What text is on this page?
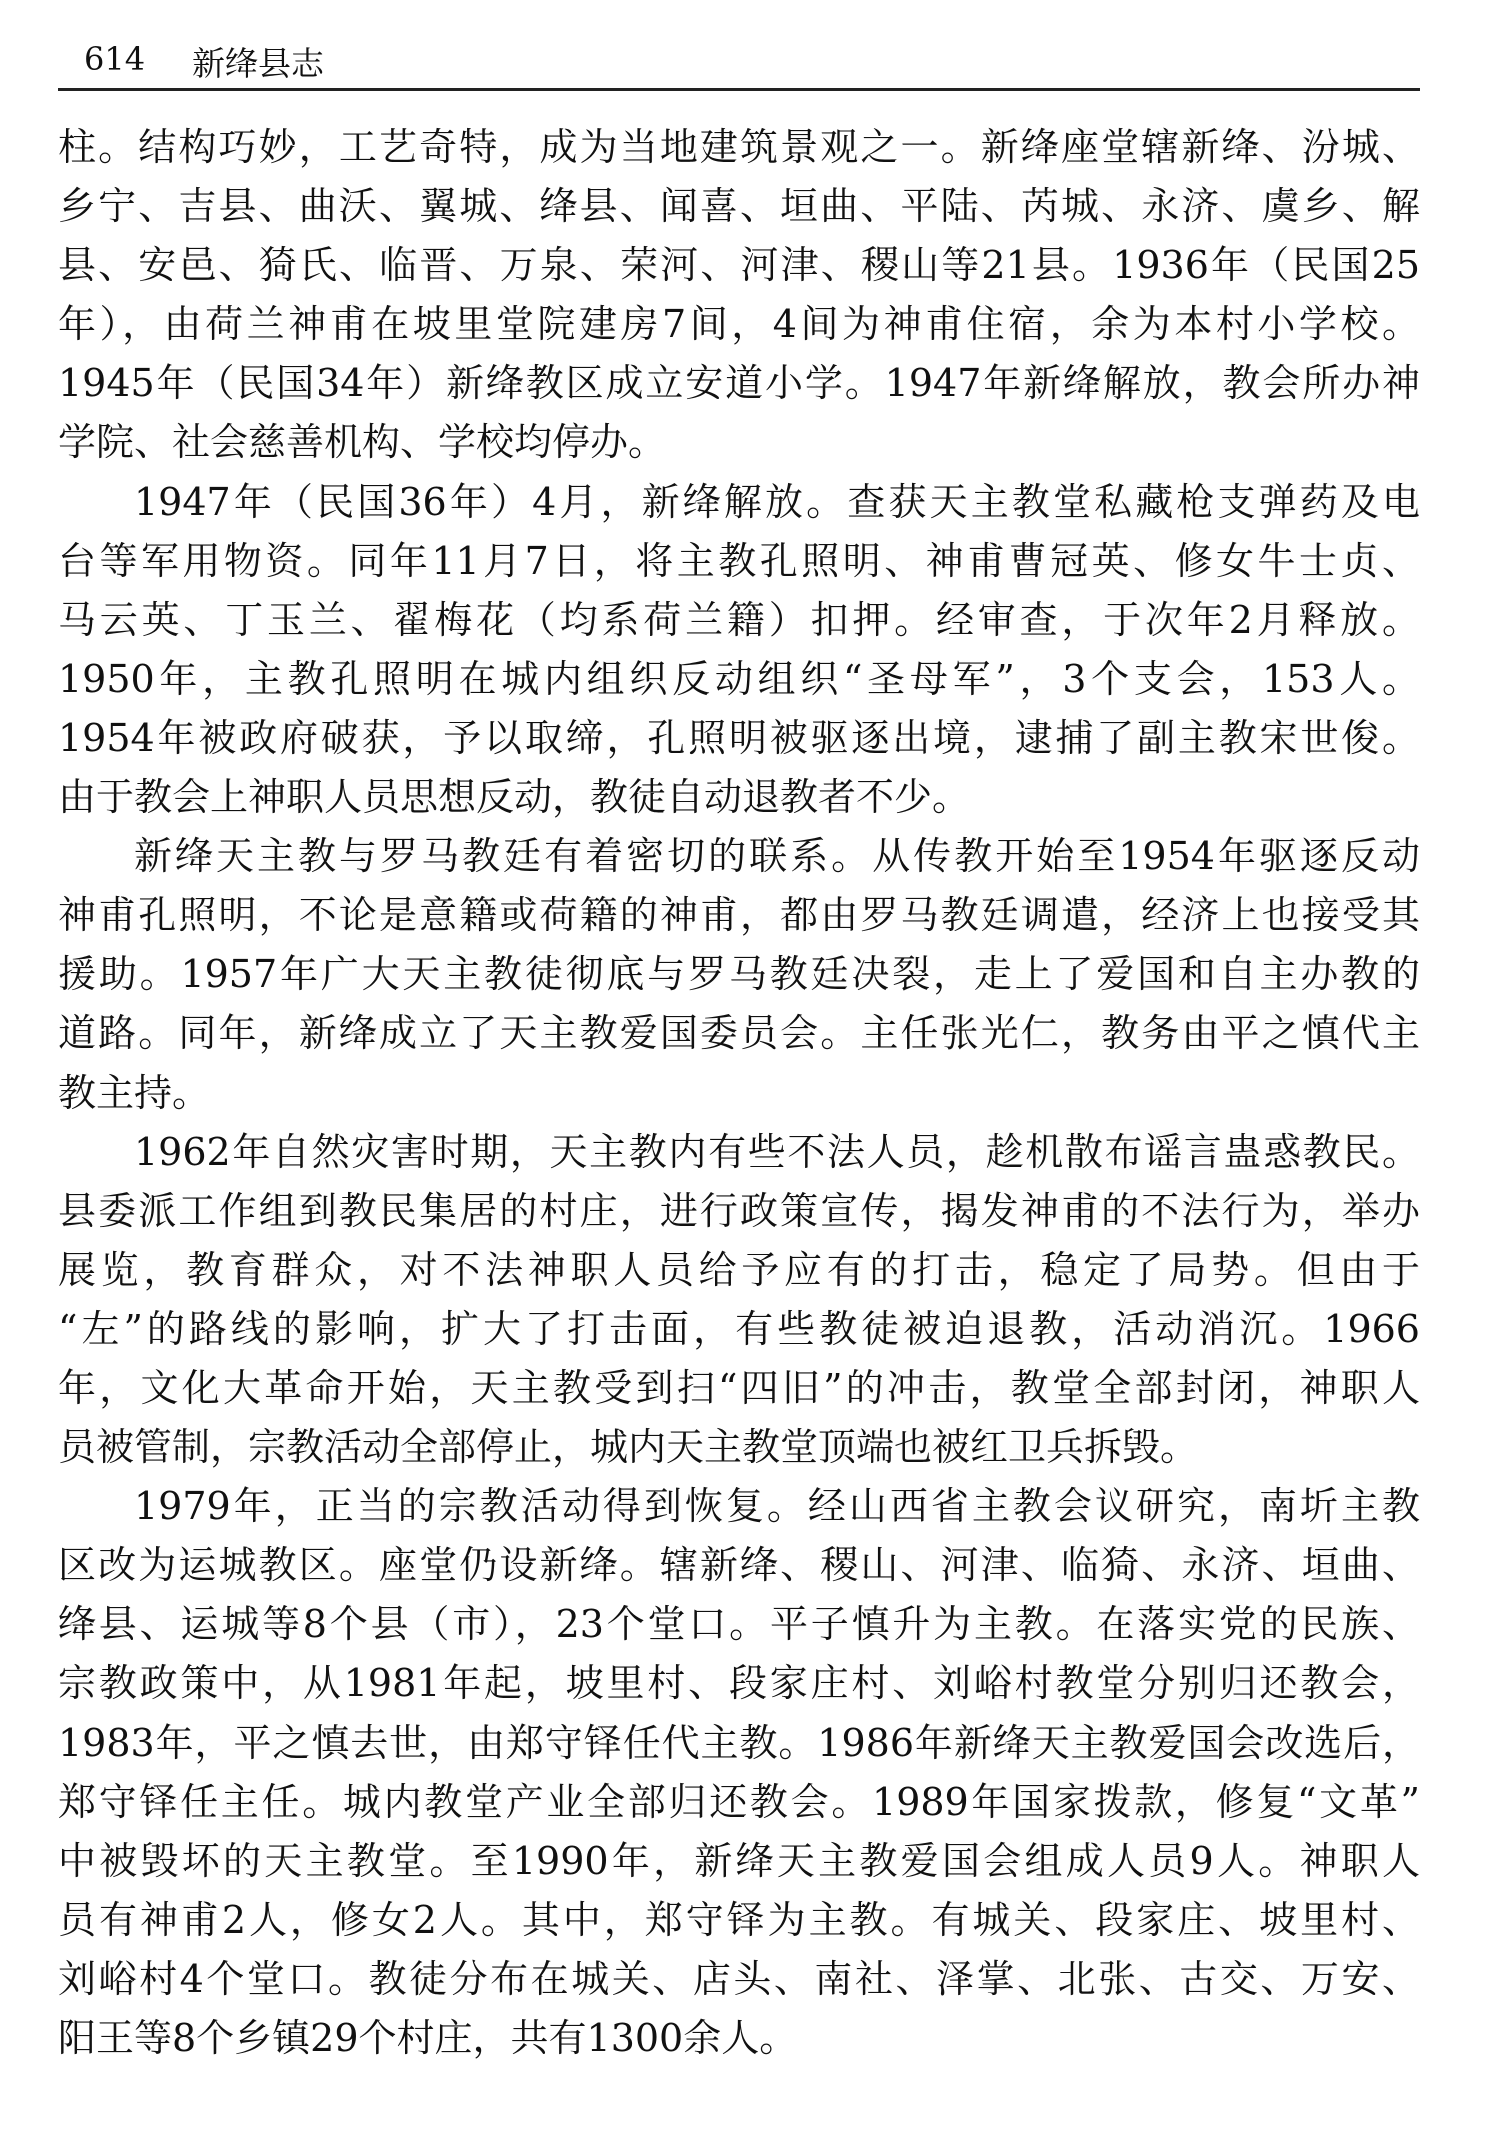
614 新绛县志
柱。结构巧妙，工艺奇特，成为当地建筑景观之一。新绛座堂辖新绛、汾城、
乡宁、吉县、曲沃、翼城、绛县、闻喜、垣曲、平陆、芮城、永济、虞乡、解
县、安邑、猗氏、临晋、万泉、荣河、河津、稷山等21县。1936年（民国25
年），由荷兰神甫在坡里堂院建房7间，4间为神甫住宿，余为本村小学校。
1945年（民国34年）新绛教区成立安道小学。1947年新绛解放，教会所办神
学院、社会慈善机构、学校均停办。
1947年（民国36年）4月，新绛解放。查获天主教堂私藏枪支弹药及电
台等军用物资。同年11月7日，将主教孔照明、神甫曹冠英、修女牛士贞、
马云英、丁玉兰、翟梅花（均系荷兰籍）扣押。经审查，于次年2月释放。
1950年，主教孔照明在城内组织反动组织“圣母军”，3个支会，153人。
1954年被政府破获，予以取缔，孔照明被驱逐出境，逮捕了副主教宋世俊。
由于教会上神职人员思想反动，教徒自动退教者不少。
新绛天主教与罗马教廷有着密切的联系。从传教开始至1954年驱逐反动
神甫孔照明，不论是意籍或荷籍的神甫，都由罗马教廷调遣，经济上也接受其
援助。1957年广大天主教徒彻底与罗马教廷决裂，走上了爱国和自主办教的
道路。同年，新绛成立了天主教爱国委员会。主任张光仁，教务由平之慎代主
教主持。
1962年自然灾害时期，天主教内有些不法人员，趁机散布谣言蛊惑教民。
县委派工作组到教民集居的村庄，进行政策宣传，揭发神甫的不法行为，举办
展览，教育群众，对不法神职人员给予应有的打击，稳定了局势。但由于
“左”的路线的影响，扩大了打击面，有些教徒被迫退教，活动消沉。1966
年，文化大革命开始，天主教受到扫“四旧”的冲击，教堂全部封闭，神职人
员被管制，宗教活动全部停止，城内天主教堂顶端也被红卫兵拆毁。
1979年，正当的宗教活动得到恢复。经山西省主教会议研究，南圻主教
区改为运城教区。座堂仍设新绛。辖新绛、稷山、河津、临猗、永济、垣曲、
绛县、运城等8个县（市），23个堂口。平子慎升为主教。在落实党的民族、
宗教政策中，从1981年起，坡里村、段家庄村、刘峪村教堂分别归还教会，
1983年，平之慎去世，由郑守铎任代主教。1986年新绛天主教爱国会改选后，
郑守铎任主任。城内教堂产业全部归还教会。1989年国家拨款，修复“文革”
中被毁坏的天主教堂。至1990年，新绛天主教爱国会组成人员9人。神职人
员有神甫2人，修女2人。其中，郑守铎为主教。有城关、段家庄、坡里村、
刘峪村4个堂口。教徒分布在城关、店头、南社、泽掌、北张、古交、万安、
阳王等8个乡镇29个村庄，共有1300余人。
